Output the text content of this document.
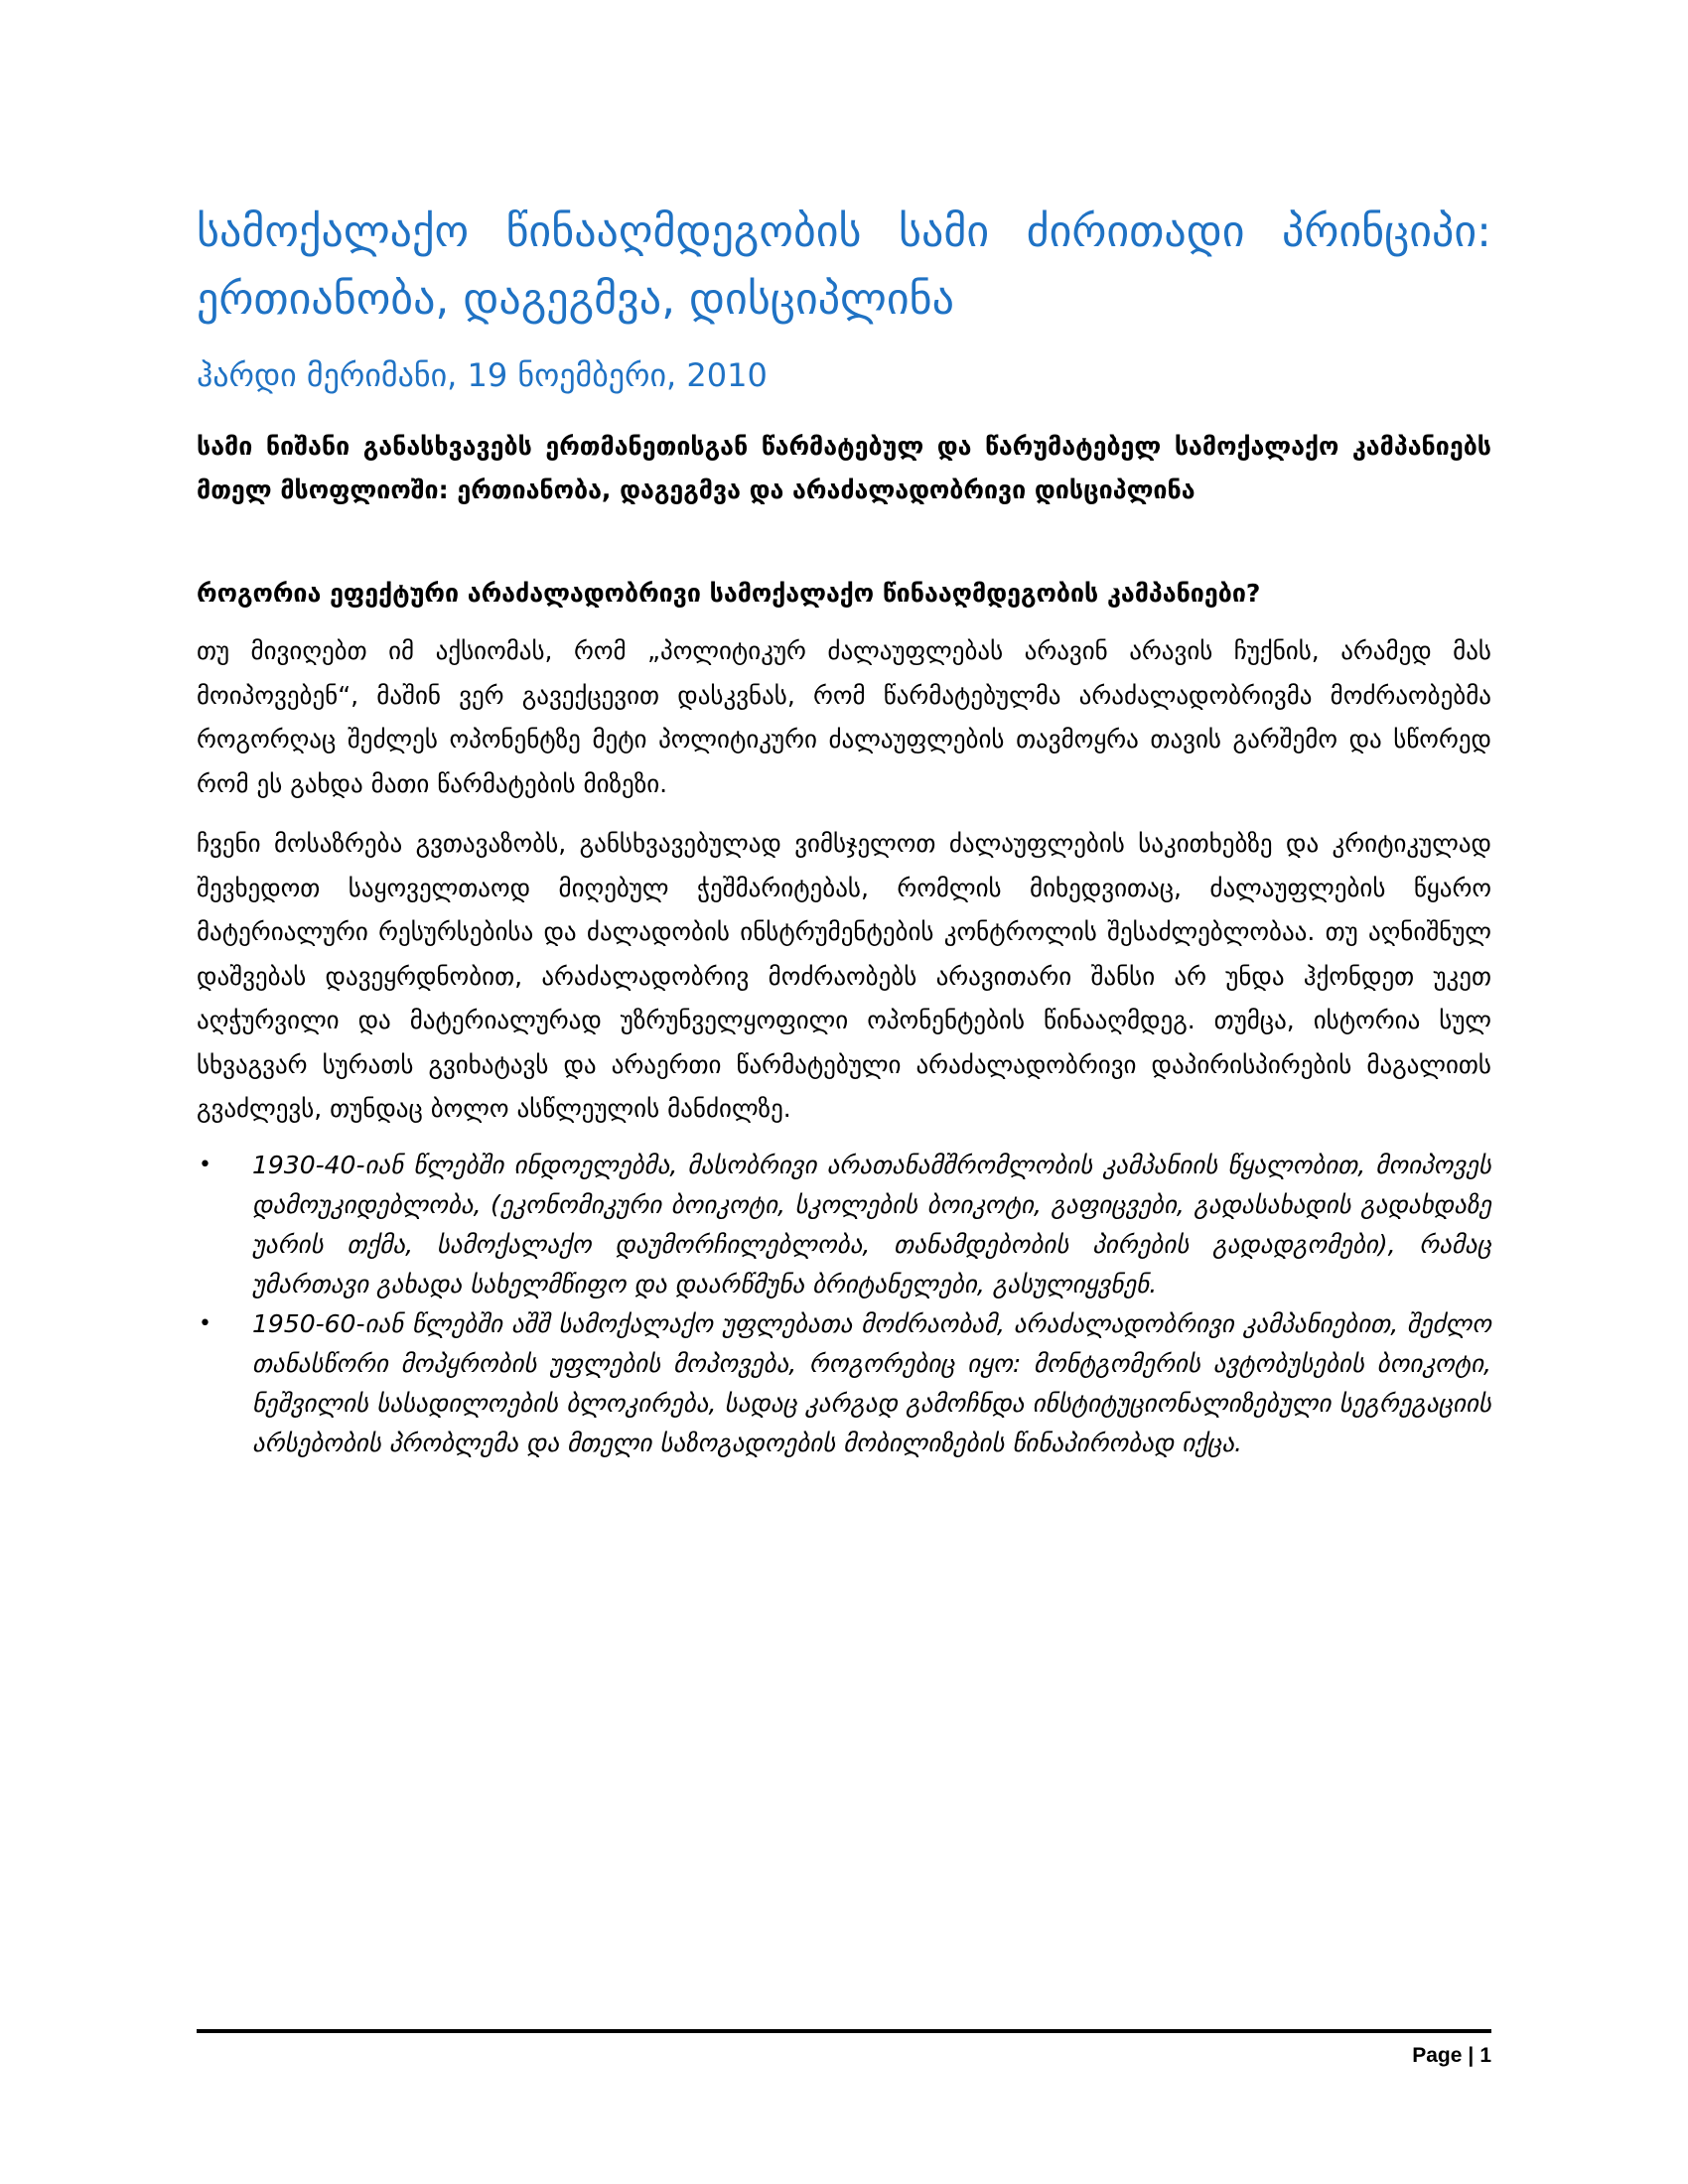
სამოქალაქო წინააღმდეგობის სამი ძირითადი პრინციპი: ერთიანობა, დაგეგმვა, დისციპლინა

ჰარდი მერიმანი, 19 ნოემბერი, 2010

სამი ნიშანი განასხვავებს ერთმანეთისგან წარმატებულ და წარუმატებელ სამოქალაქო კამპანიებს მთელ მსოფლიოში: ერთიანობა, დაგეგმვა და არაძალადობრივი დისციპლინა

როგორია ეფექტური არაძალადობრივი სამოქალაქო წინააღმდეგობის კამპანიები?

თუ მივიღებთ იმ აქსიომას, რომ „პოლიტიკურ ძალაუფლებას არავინ არავის ჩუქნის, არამედ მას მოიპოვებენ“, მაშინ ვერ გავექცევით დასკვნას, რომ წარმატებულმა არაძალადობრივმა მოძრაობებმა როგორღაც შეძლეს ოპონენტზე მეტი პოლიტიკური ძალაუფლების თავმოყრა თავის გარშემო და სწორედ რომ ეს გახდა მათი წარმატების მიზეზი.

ჩვენი მოსაზრება გვთავაზობს, განსხვავებულად ვიმსჯელოთ ძალაუფლების საკითხებზე და კრიტიკულად შევხედოთ საყოველთაოდ მიღებულ ჭეშმარიტებას, რომლის მიხედვითაც, ძალაუფლების წყარო მატერიალური რესურსებისა და ძალადობის ინსტრუმენტების კონტროლის შესაძლებლობაა. თუ აღნიშნულ დაშვებას დავეყრდნობით, არაძალადობრივ მოძრაობებს არავითარი შანსი არ უნდა ჰქონდეთ უკეთ აღჭურვილი და მატერიალურად უზრუნველყოფილი ოპონენტების წინააღმდეგ. თუმცა, ისტორია სულ სხვაგვარ სურათს გვიხატავს და არაერთი წარმატებული არაძალადობრივი დაპირისპირების მაგალითს გვაძლევს, თუნდაც ბოლო ასწლეულის მანძილზე.

• 1930-40-იან წლებში ინდოელებმა, მასობრივი არათანამშრომლობის კამპანიის წყალობით, მოიპოვეს დამოუკიდებლობა, (ეკონომიკური ბოიკოტი, სკოლების ბოიკოტი, გაფიცვები, გადასახადის გადახდაზე უარის თქმა, სამოქალაქო დაუმორჩილებლობა, თანამდებობის პირების გადადგომები), რამაც უმართავი გახადა სახელმწიფო და დაარწმუნა ბრიტანელები, გასულიყვნენ.
• 1950-60-იან წლებში აშშ სამოქალაქო უფლებათა მოძრაობამ, არაძალადობრივი კამპანიებით, შეძლო თანასწორი მოპყრობის უფლების მოპოვება, როგორებიც იყო: მონტგომერის ავტობუსების ბოიკოტი, ნეშვილის სასადილოების ბლოკირება, სადაც კარგად გამოჩნდა ინსტიტუციონალიზებული სეგრეგაციის არსებობის პრობლემა და მთელი საზოგადოების მობილიზების წინაპირობად იქცა.
Page | 1
